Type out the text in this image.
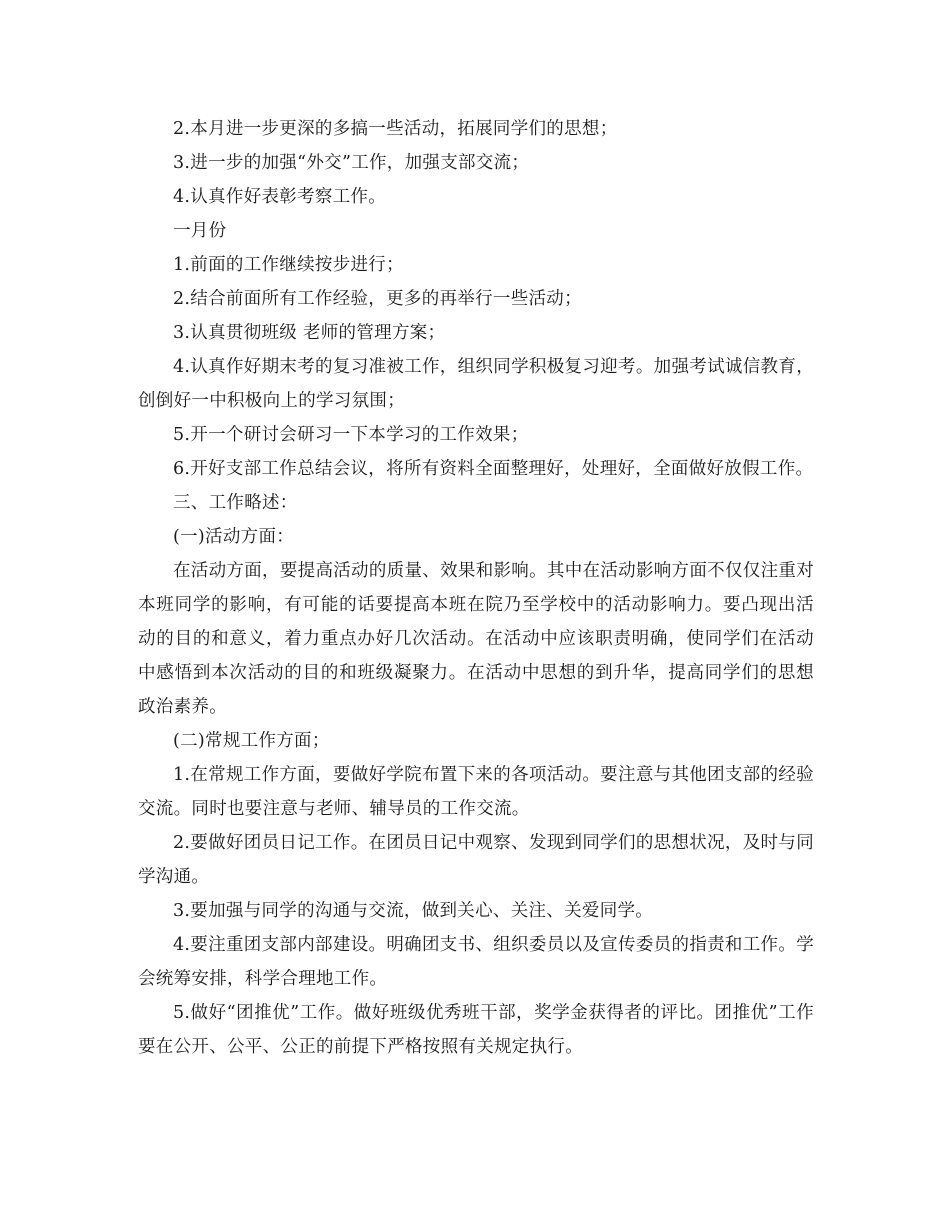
2.本月进一步更深的多搞一些活动，拓展同学们的思想；

3.进一步的加强“外交”工作，加强支部交流；

4.认真作好表彰考察工作。

一月份

1.前面的工作继续按步进行；

2.结合前面所有工作经验，更多的再举行一些活动；

3.认真贯彻班级 老师的管理方案；

4.认真作好期末考的复习准被工作，组织同学积极复习迎考。加强考试诚信教育，创倒好一中积极向上的学习氛围；

5.开一个研讨会研习一下本学习的工作效果；

6.开好支部工作总结会议，将所有资料全面整理好，处理好，全面做好放假工作。

三、工作略述：

(一)活动方面：

在活动方面，要提高活动的质量、效果和影响。其中在活动影响方面不仅仅注重对本班同学的影响，有可能的话要提高本班在院乃至学校中的活动影响力。要凸现出活动的目的和意义，着力重点办好几次活动。在活动中应该职责明确，使同学们在活动中感悟到本次活动的目的和班级凝聚力。在活动中思想的到升华，提高同学们的思想政治素养。

(二)常规工作方面；

1.在常规工作方面，要做好学院布置下来的各项活动。要注意与其他团支部的经验交流。同时也要注意与老师、辅导员的工作交流。

2.要做好团员日记工作。在团员日记中观察、发现到同学们的思想状况，及时与同学沟通。

3.要加强与同学的沟通与交流，做到关心、关注、关爱同学。

4.要注重团支部内部建设。明确团支书、组织委员以及宣传委员的指责和工作。学会统筹安排，科学合理地工作。

5.做好“团推优”工作。做好班级优秀班干部，奖学金获得者的评比。团推优”工作要在公开、公平、公正的前提下严格按照有关规定执行。
